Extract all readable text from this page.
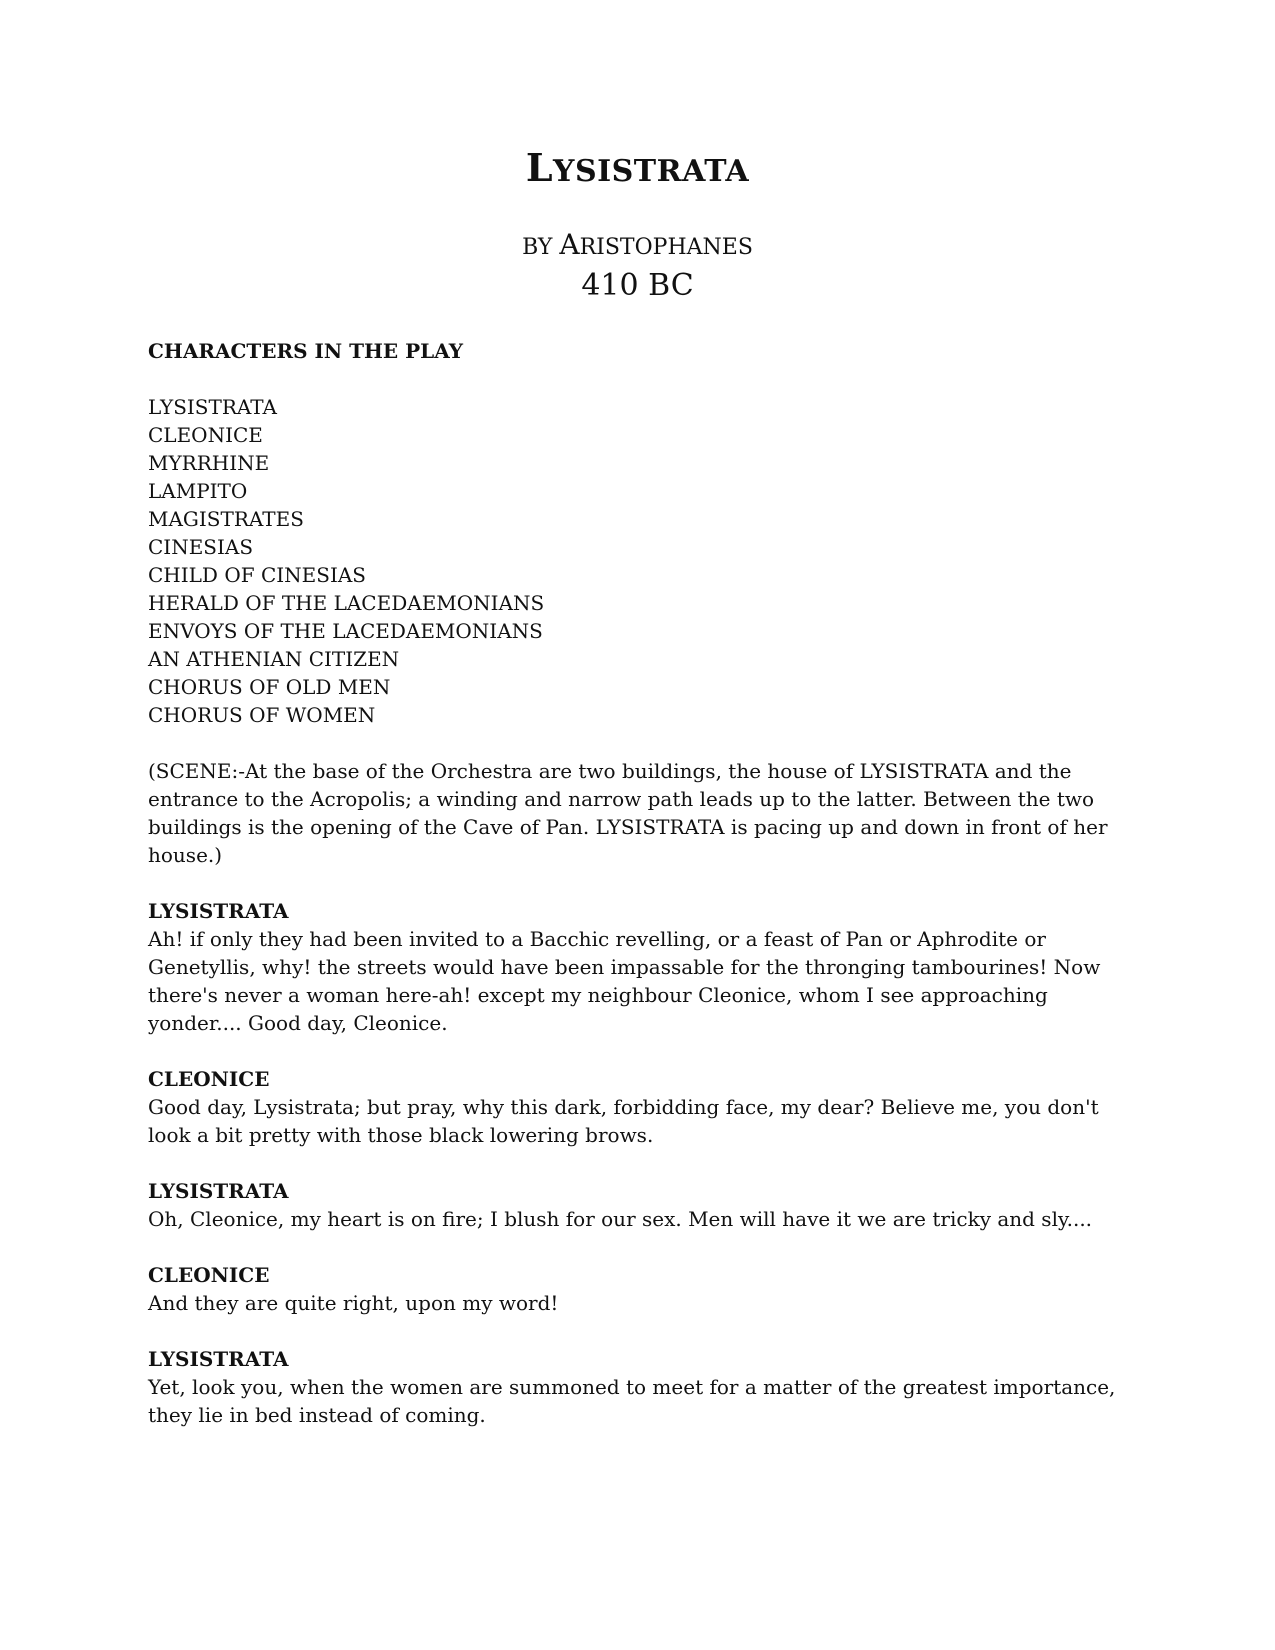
LYSISTRATA
BY ARISTOPHANES
410 BC
CHARACTERS IN THE PLAY
LYSISTRATA
CLEONICE
MYRRHINE
LAMPITO
MAGISTRATES
CINESIAS
CHILD OF CINESIAS
HERALD OF THE LACEDAEMONIANS
ENVOYS OF THE LACEDAEMONIANS
AN ATHENIAN CITIZEN
CHORUS OF OLD MEN
CHORUS OF WOMEN

(SCENE:-At the base of the Orchestra are two buildings, the house of LYSISTRATA and the entrance to the Acropolis; a winding and narrow path leads up to the latter. Between the two buildings is the opening of the Cave of Pan. LYSISTRATA is pacing up and down in front of her house.)

LYSISTRATA
Ah! if only they had been invited to a Bacchic revelling, or a feast of Pan or Aphrodite or Genetyllis, why! the streets would have been impassable for the thronging tambourines! Now there's never a woman here-ah! except my neighbour Cleonice, whom I see approaching yonder.... Good day, Cleonice.
CLEONICE
Good day, Lysistrata; but pray, why this dark, forbidding face, my dear? Believe me, you don't look a bit pretty with those black lowering brows.
LYSISTRATA
Oh, Cleonice, my heart is on fire; I blush for our sex. Men will have it we are tricky and sly....
CLEONICE
And they are quite right, upon my word!
LYSISTRATA
Yet, look you, when the women are summoned to meet for a matter of the greatest importance, they lie in bed instead of coming.
